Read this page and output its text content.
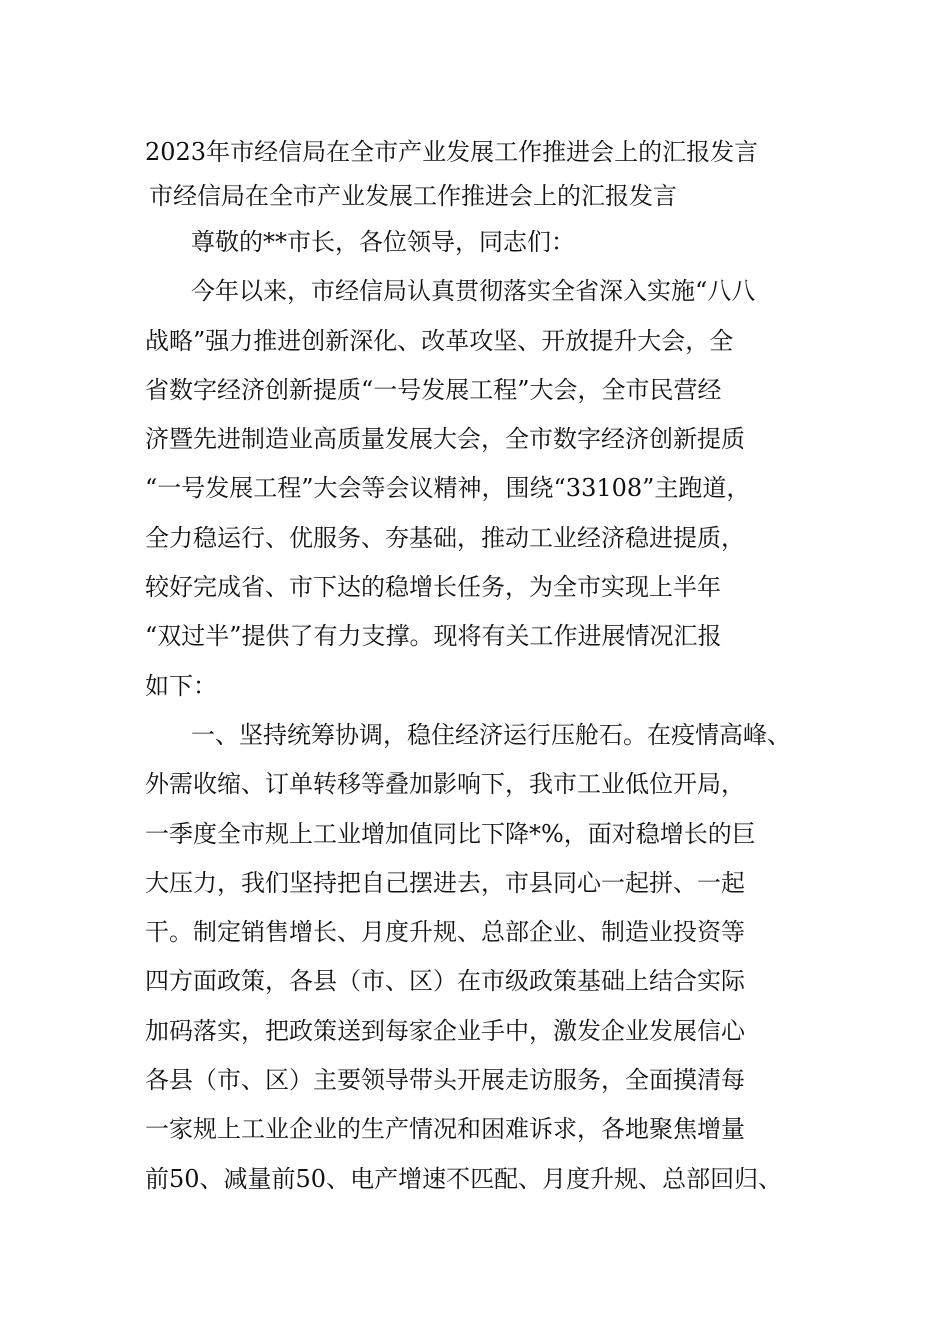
2023年市经信局在全市产业发展工作推进会上的汇报发言
市经信局在全市产业发展工作推进会上的汇报发言
尊敬的**市长，各位领导，同志们：
今年以来，市经信局认真贯彻落实全省深入实施“八八
战略”强力推进创新深化、改革攻坚、开放提升大会，全
省数字经济创新提质“一号发展工程”大会，全市民营经
济暨先进制造业高质量发展大会，全市数字经济创新提质
“一号发展工程”大会等会议精神，围绕“33108”主跑道，
全力稳运行、优服务、夯基础，推动工业经济稳进提质，
较好完成省、市下达的稳增长任务，为全市实现上半年
“双过半”提供了有力支撑。现将有关工作进展情况汇报
如下：
一、坚持统筹协调，稳住经济运行压舱石。在疫情高峰、
外需收缩、订单转移等叠加影响下，我市工业低位开局，
一季度全市规上工业增加值同比下降*%，面对稳增长的巨
大压力，我们坚持把自己摆进去，市县同心一起拼、一起
干。制定销售增长、月度升规、总部企业、制造业投资等
四方面政策，各县（市、区）在市级政策基础上结合实际
加码落实，把政策送到每家企业手中，激发企业发展信心
各县（市、区）主要领导带头开展走访服务，全面摸清每
一家规上工业企业的生产情况和困难诉求，各地聚焦增量
前50、减量前50、电产增速不匹配、月度升规、总部回归、
